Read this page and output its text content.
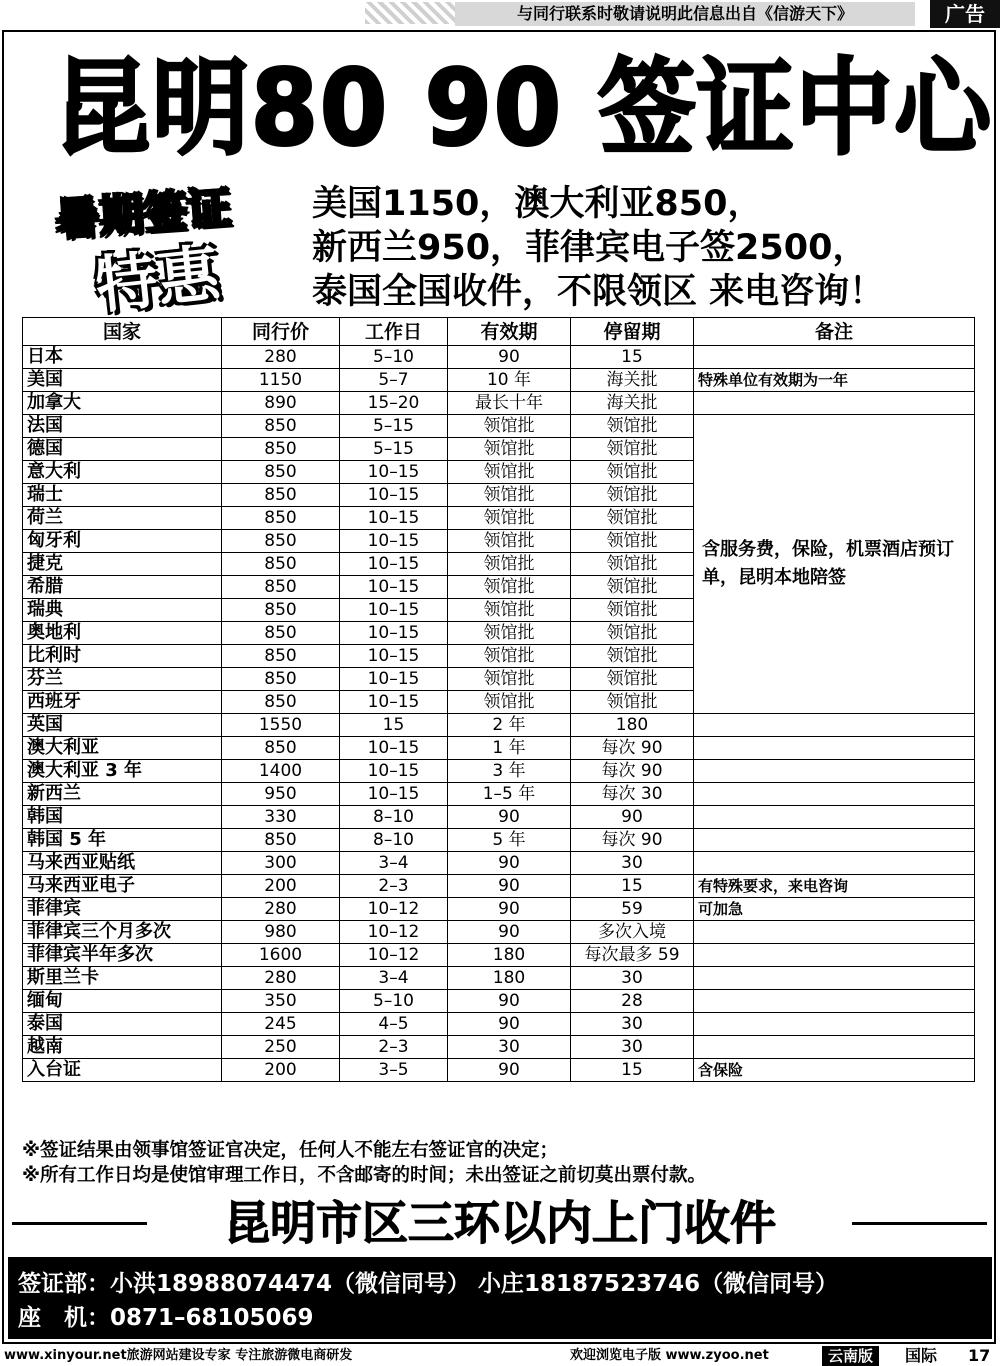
与同行联系时敬请说明此信息出自《信游天下》	广告
昆明80 90 签证中心
暑期签证
特惠
美国1150，澳大利亚850，
新西兰950，菲律宾电子签2500，
泰国全国收件，不限领区 来电咨询！
国家	同行价	工作日	有效期	停留期	备注
日本	280	5–10	90	15	
美国	1150	5–7	10 年	海关批	特殊单位有效期为一年
加拿大	890	15–20	最长十年	海关批	
法国	850	5–15	领馆批	领馆批	含服务费，保险，机票酒店预订单，昆明本地陪签
德国	850	5–15	领馆批	领馆批	
意大利	850	10–15	领馆批	领馆批	
瑞士	850	10–15	领馆批	领馆批	
荷兰	850	10–15	领馆批	领馆批	
匈牙利	850	10–15	领馆批	领馆批	
捷克	850	10–15	领馆批	领馆批	
希腊	850	10–15	领馆批	领馆批	
瑞典	850	10–15	领馆批	领馆批	
奥地利	850	10–15	领馆批	领馆批	
比利时	850	10–15	领馆批	领馆批	
芬兰	850	10–15	领馆批	领馆批	
西班牙	850	10–15	领馆批	领馆批	
英国	1550	15	2 年	180	
澳大利亚	850	10–15	1 年	每次 90	
澳大利亚 3 年	1400	10–15	3 年	每次 90	
新西兰	950	10–15	1–5 年	每次 30	
韩国	330	8–10	90	90	
韩国 5 年	850	8–10	5 年	每次 90	
马来西亚贴纸	300	3–4	90	30	
马来西亚电子	200	2–3	90	15	有特殊要求，来电咨询
菲律宾	280	10–12	90	59	可加急
菲律宾三个月多次	980	10–12	90	多次入境	
菲律宾半年多次	1600	10–12	180	每次最多 59	
斯里兰卡	280	3–4	180	30	
缅甸	350	5–10	90	28	
泰国	245	4–5	90	30	
越南	250	2–3	30	30	
入台证	200	3–5	90	15	含保险
※签证结果由领事馆签证官决定，任何人不能左右签证官的决定；
※所有工作日均是使馆审理工作日，不含邮寄的时间；未出签证之前切莫出票付款。
昆明市区三环以内上门收件
签证部：小洪18988074474（微信同号） 小庄18187523746（微信同号）
座　机：0871–68105069
www.xinyour.net旅游网站建设专家 专注旅游微电商研发	欢迎浏览电子版 www.zyoo.net	云南版	国际 17
